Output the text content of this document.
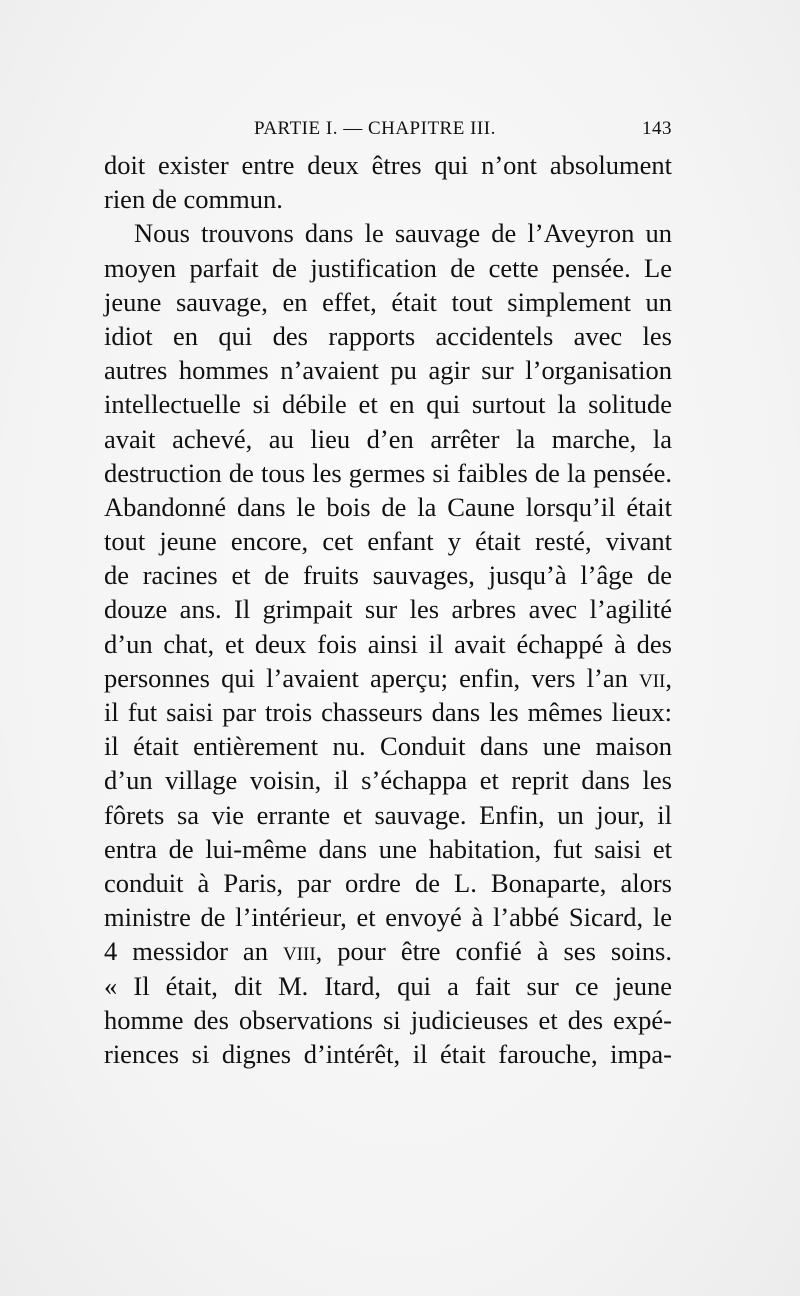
PARTIE I. — CHAPITRE III.	143
doit exister entre deux êtres qui n’ont absolument
rien de commun.
Nous trouvons dans le sauvage de l’Aveyron un
moyen parfait de justification de cette pensée. Le
jeune sauvage, en effet, était tout simplement un
idiot en qui des rapports accidentels avec les
autres hommes n’avaient pu agir sur l’organisation
intellectuelle si débile et en qui surtout la solitude
avait achevé, au lieu d’en arrêter la marche, la
destruction de tous les germes si faibles de la pensée.
Abandonné dans le bois de la Caune lorsqu’il était
tout jeune encore, cet enfant y était resté, vivant
de racines et de fruits sauvages, jusqu’à l’âge de
douze ans. Il grimpait sur les arbres avec l’agilité
d’un chat, et deux fois ainsi il avait échappé à des
personnes qui l’avaient aperçu; enfin, vers l’an vii,
il fut saisi par trois chasseurs dans les mêmes lieux:
il était entièrement nu. Conduit dans une maison
d’un village voisin, il s’échappa et reprit dans les
fôrets sa vie errante et sauvage. Enfin, un jour, il
entra de lui-même dans une habitation, fut saisi et
conduit à Paris, par ordre de L. Bonaparte, alors
ministre de l’intérieur, et envoyé à l’abbé Sicard, le
4 messidor an viii, pour être confié à ses soins.
« Il était, dit M. Itard, qui a fait sur ce jeune
homme des observations si judicieuses et des expé-
riences si dignes d’intérêt, il était farouche, impa-
